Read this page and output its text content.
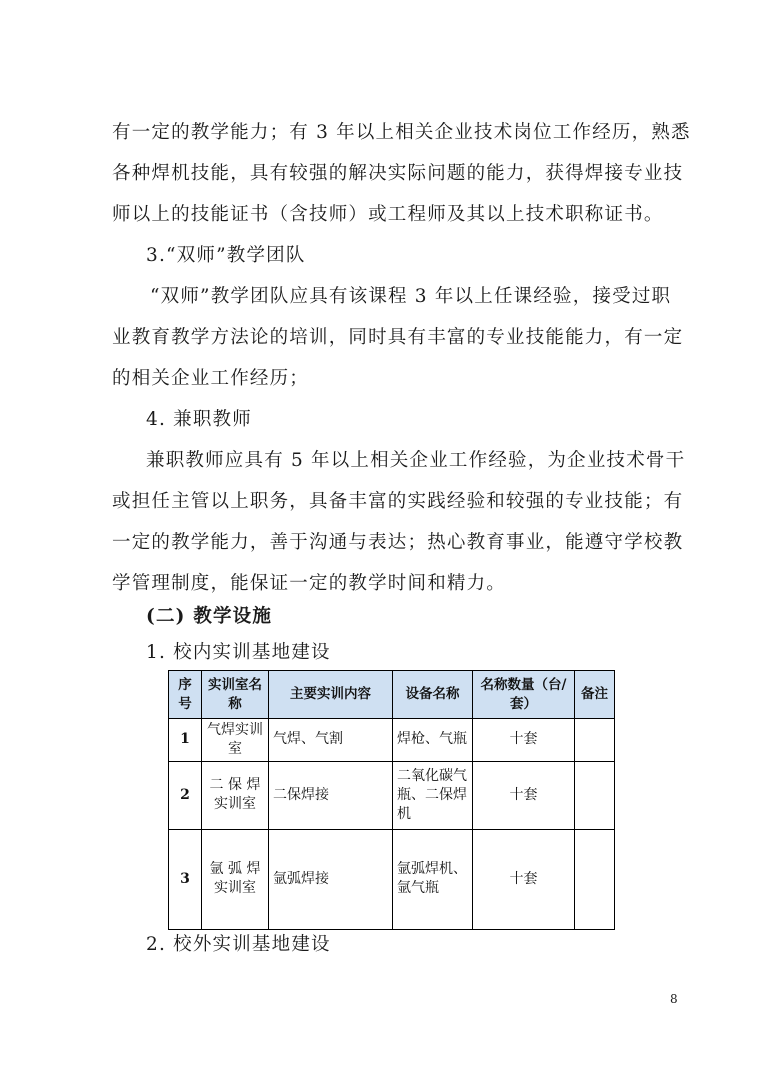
有一定的教学能力；有 3 年以上相关企业技术岗位工作经历，熟悉
各种焊机技能，具有较强的解决实际问题的能力，获得焊接专业技
师以上的技能证书（含技师）或工程师及其以上技术职称证书。
3.“双师”教学团队
“双师”教学团队应具有该课程 3 年以上任课经验，接受过职
业教育教学方法论的培训，同时具有丰富的专业技能能力，有一定
的相关企业工作经历；
4. 兼职教师
兼职教师应具有 5 年以上相关企业工作经验，为企业技术骨干
或担任主管以上职务，具备丰富的实践经验和较强的专业技能；有
一定的教学能力，善于沟通与表达；热心教育事业，能遵守学校教
学管理制度，能保证一定的教学时间和精力。
(二) 教学设施
1. 校内实训基地建设
序号	实训室名称	主要实训内容	设备名称	名称数量（台/套）	备注
1	气焊实训室	气焊、气割	焊枪、气瓶	十套	
2	二 保 焊实训室	二保焊接	二氧化碳气瓶、二保焊机	十套	
3	氩 弧 焊实训室	氩弧焊接	氩弧焊机、氩气瓶	十套	
2. 校外实训基地建设
8
